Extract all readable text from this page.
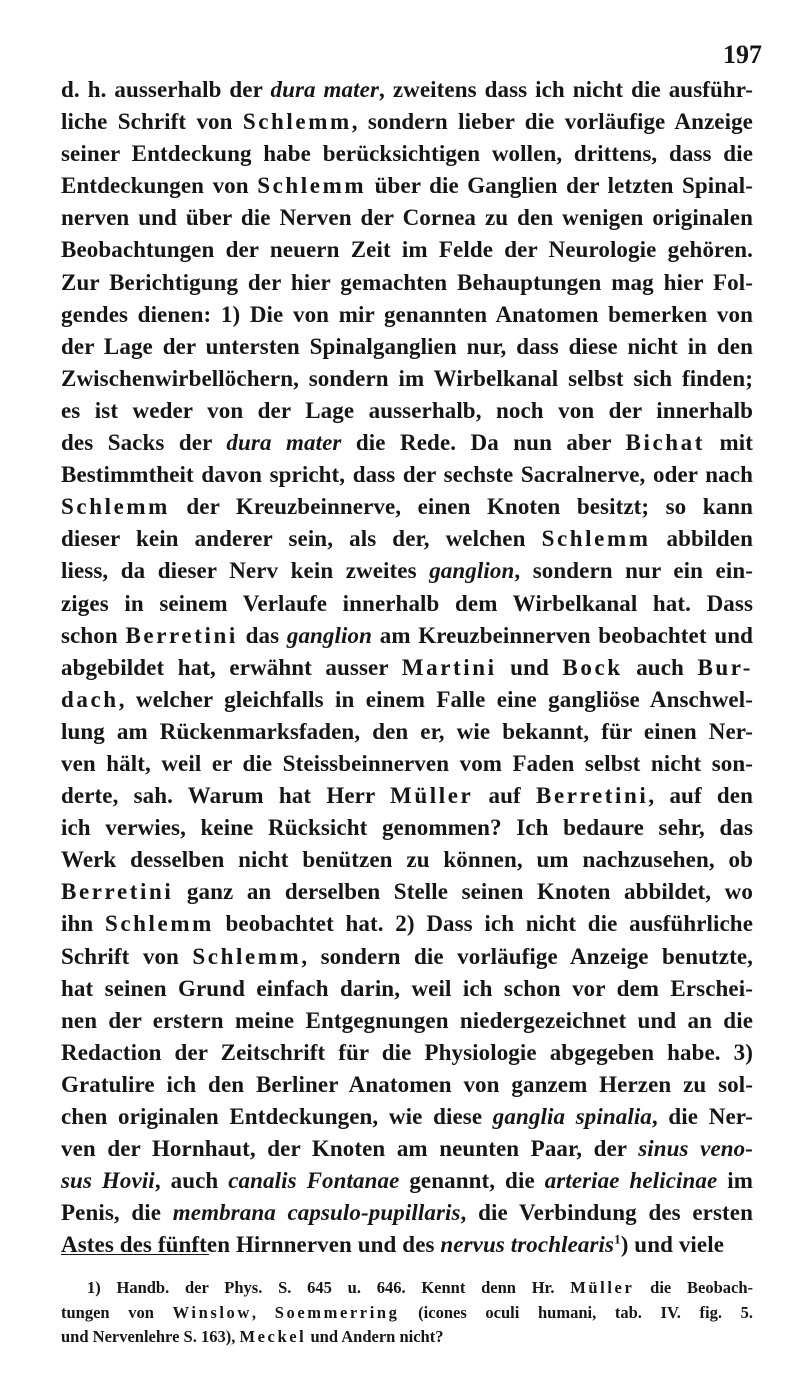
197
d. h. ausserhalb der dura mater, zweitens dass ich nicht die ausführ-
liche Schrift von Schlemm, sondern lieber die vorläufige Anzeige
seiner Entdeckung habe berücksichtigen wollen, drittens, dass die
Entdeckungen von Schlemm über die Ganglien der letzten Spinal-
nerven und über die Nerven der Cornea zu den wenigen originalen
Beobachtungen der neuern Zeit im Felde der Neurologie gehören.
Zur Berichtigung der hier gemachten Behauptungen mag hier Fol-
gendes dienen: 1) Die von mir genannten Anatomen bemerken von
der Lage der untersten Spinalganglien nur, dass diese nicht in den
Zwischenwirbellöchern, sondern im Wirbelkanal selbst sich finden;
es ist weder von der Lage ausserhalb, noch von der innerhalb
des Sacks der dura mater die Rede. Da nun aber Bichat mit
Bestimmtheit davon spricht, dass der sechste Sacralnerve, oder nach
Schlemm der Kreuzbeinnerve, einen Knoten besitzt; so kann
dieser kein anderer sein, als der, welchen Schlemm abbilden
liess, da dieser Nerv kein zweites ganglion, sondern nur ein ein-
ziges in seinem Verlaufe innerhalb dem Wirbelkanal hat. Dass
schon Berretini das ganglion am Kreuzbeinnerven beobachtet und
abgebildet hat, erwähnt ausser Martini und Bock auch Bur-
dach, welcher gleichfalls in einem Falle eine gangliöse Anschwel-
lung am Rückenmarksfaden, den er, wie bekannt, für einen Ner-
ven hält, weil er die Steissbeinnerven vom Faden selbst nicht son-
derte, sah. Warum hat Herr Müller auf Berretini, auf den
ich verwies, keine Rücksicht genommen? Ich bedaure sehr, das
Werk desselben nicht benützen zu können, um nachzusehen, ob
Berretini ganz an derselben Stelle seinen Knoten abbildet, wo
ihn Schlemm beobachtet hat. 2) Dass ich nicht die ausführliche
Schrift von Schlemm, sondern die vorläufige Anzeige benutzte,
hat seinen Grund einfach darin, weil ich schon vor dem Erschei-
nen der erstern meine Entgegnungen niedergezeichnet und an die
Redaction der Zeitschrift für die Physiologie abgegeben habe. 3)
Gratulire ich den Berliner Anatomen von ganzem Herzen zu sol-
chen originalen Entdeckungen, wie diese ganglia spinalia, die Ner-
ven der Hornhaut, der Knoten am neunten Paar, der sinus veno-
sus Hovii, auch canalis Fontanae genannt, die arteriae helicinae im
Penis, die membrana capsulo-pupillaris, die Verbindung des ersten
Astes des fünften Hirnnerven und des nervus trochlearis$^1$) und viele
1) Handb. der Phys. S. 645 u. 646. Kennt denn Hr. Müller die Beobach-
tungen von Winslow, Soemmerring (icones oculi humani, tab. IV. fig. 5.
und Nervenlehre S. 163), Meckel und Andern nicht?
